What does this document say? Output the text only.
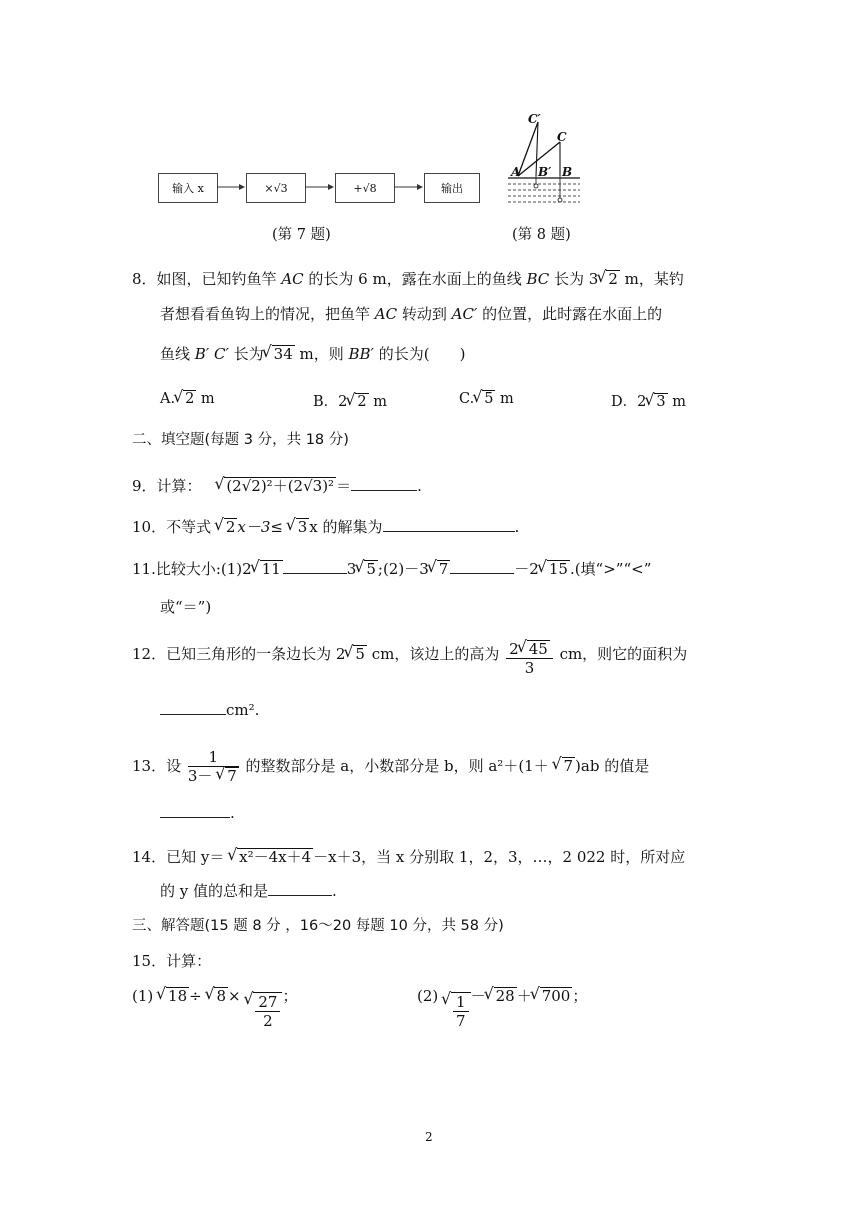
输入 x	×√3	+√8	输出
(第 7 题)
C′
C
A B′ B
(第 8 题)
8．如图，已知钓鱼竿 AC 的长为 6 m，露在水面上的鱼线 BC 长为 3 √ 2 m，某钓
者想看看鱼钩上的情况，把鱼竿 AC 转动到 AC′ 的位置，此时露在水面上的
鱼线 B′ C′ 长为 √ 34 m，则 BB′ 的长为(　　)
A. √ 2 m	B．2 √ 2 m	C. √ 5 m	D．2 √ 3 m
二、填空题(每题 3 分，共 18 分)
9．计算： √ (2√2)²＋(2√3)² ＝	.
10．不等式 √ 2 x－3≤ √ 3 x 的解集为	.
11.比较大小:(1)2 √ 11	3 √ 5 ;(2)－3 √ 7	－2 √ 15 .(填“>”“<”
或“＝”)
12．已知三角形的一条边长为 2 √ 5 cm，该边上的高为 $\frac{2 √ 45}{3}$ cm，则它的面积为
cm².
13．设 $\frac{1}{3- √ 7}$ 的整数部分是 a，小数部分是 b，则 a²＋(1＋ √ 7 )ab 的值是
.
14．已知 y＝ √ x²－4x＋4 －x＋3，当 x 分别取 1，2，3，…，2 022 时，所对应
的 y 值的总和是	.
三、解答题(15 题 8 分 ，16～20 每题 10 分，共 58 分)
15．计算：
(1) √ 18 ÷ √ 8 × √ $\frac{27}{2}$ ；	(2) √ $\frac{1}{7}$ － √ 28 ＋ √ 700 ；
2
